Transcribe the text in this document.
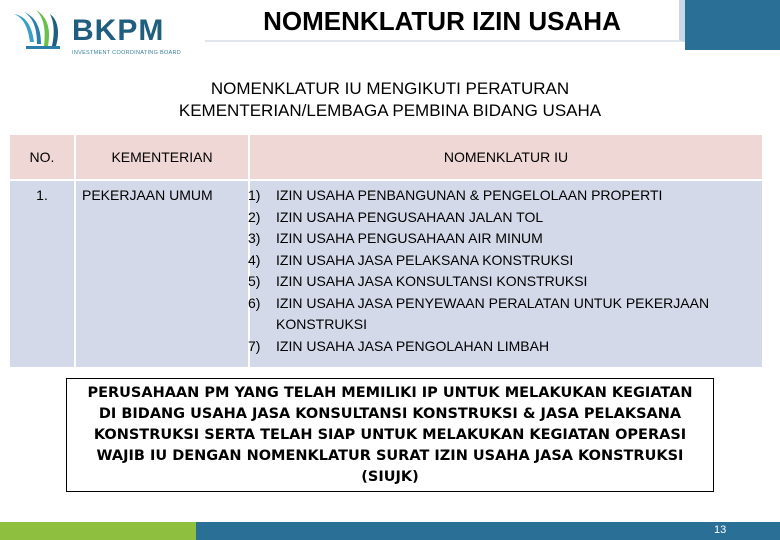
BKPM
INVESTMENT COORDINATING BOARD
NOMENKLATUR IZIN USAHA
NOMENKLATUR IU MENGIKUTI PERATURAN
KEMENTERIAN/LEMBAGA PEMBINA BIDANG USAHA
NO.	KEMENTERIAN	NOMENKLATUR IU
1.	PEKERJAAN UMUM	1)	IZIN USAHA PENBANGUNAN & PENGELOLAAN PROPERTI
2)	IZIN USAHA PENGUSAHAAN JALAN TOL
3)	IZIN USAHA PENGUSAHAAN AIR MINUM
4)	IZIN USAHA JASA PELAKSANA KONSTRUKSI
5)	IZIN USAHA JASA KONSULTANSI KONSTRUKSI
6)	IZIN USAHA JASA PENYEWAAN PERALATAN UNTUK PEKERJAAN KONSTRUKSI
7)	IZIN USAHA JASA PENGOLAHAN LIMBAH
PERUSAHAAN PM YANG TELAH MEMILIKI IP UNTUK MELAKUKAN KEGIATAN DI BIDANG USAHA JASA KONSULTANSI KONSTRUKSI & JASA PELAKSANA KONSTRUKSI SERTA TELAH SIAP UNTUK MELAKUKAN KEGIATAN OPERASI WAJIB IU DENGAN NOMENKLATUR SURAT IZIN USAHA JASA KONSTRUKSI (SIUJK)
13
